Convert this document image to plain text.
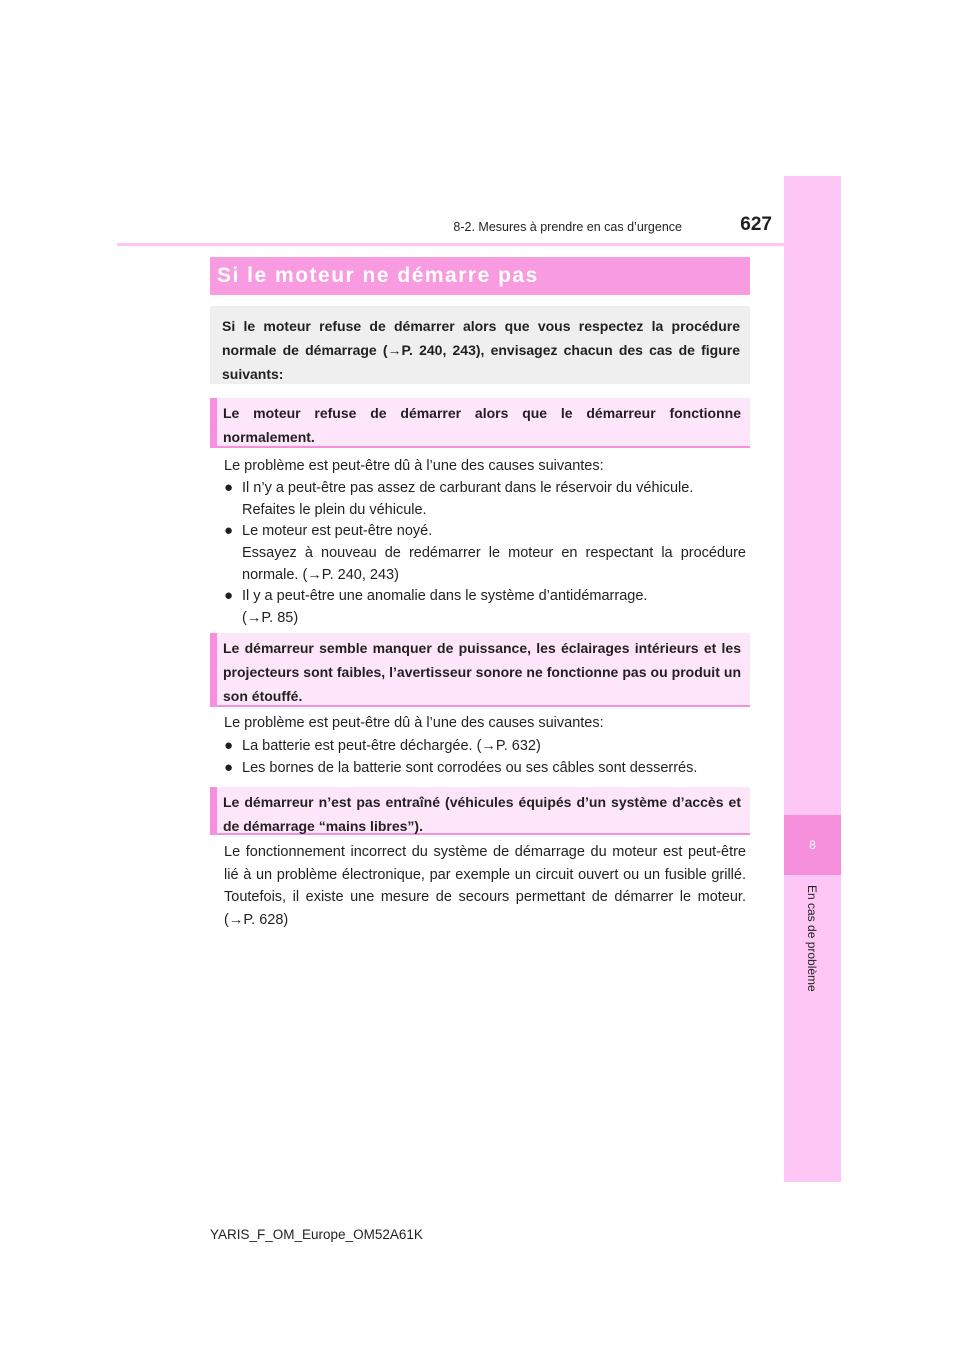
8
En cas de problème
8-2. Mesures à prendre en cas d’urgence	627
Si le moteur ne démarre pas
Si le moteur refuse de démarrer alors que vous respectez la procédure normale de démarrage (→P. 240, 243), envisagez chacun des cas de figure suivants:
Le moteur refuse de démarrer alors que le démarreur fonctionne normalement.
Le problème est peut-être dû à l’une des causes suivantes:
● Il n’y a peut-être pas assez de carburant dans le réservoir du véhicule.
Refaites le plein du véhicule.
● Le moteur est peut-être noyé.
Essayez à nouveau de redémarrer le moteur en respectant la procédure normale. (→P. 240, 243)
● Il y a peut-être une anomalie dans le système d’antidémarrage.
(→P. 85)
Le démarreur semble manquer de puissance, les éclairages intérieurs et les projecteurs sont faibles, l’avertisseur sonore ne fonctionne pas ou produit un son étouffé.
Le problème est peut-être dû à l’une des causes suivantes:
● La batterie est peut-être déchargée. (→P. 632)
● Les bornes de la batterie sont corrodées ou ses câbles sont desserrés.
Le démarreur n’est pas entraîné (véhicules équipés d’un système d’accès et de démarrage “mains libres”).
Le fonctionnement incorrect du système de démarrage du moteur est peut-être lié à un problème électronique, par exemple un circuit ouvert ou un fusible grillé. Toutefois, il existe une mesure de secours permettant de démarrer le moteur. (→P. 628)
YARIS_F_OM_Europe_OM52A61K
